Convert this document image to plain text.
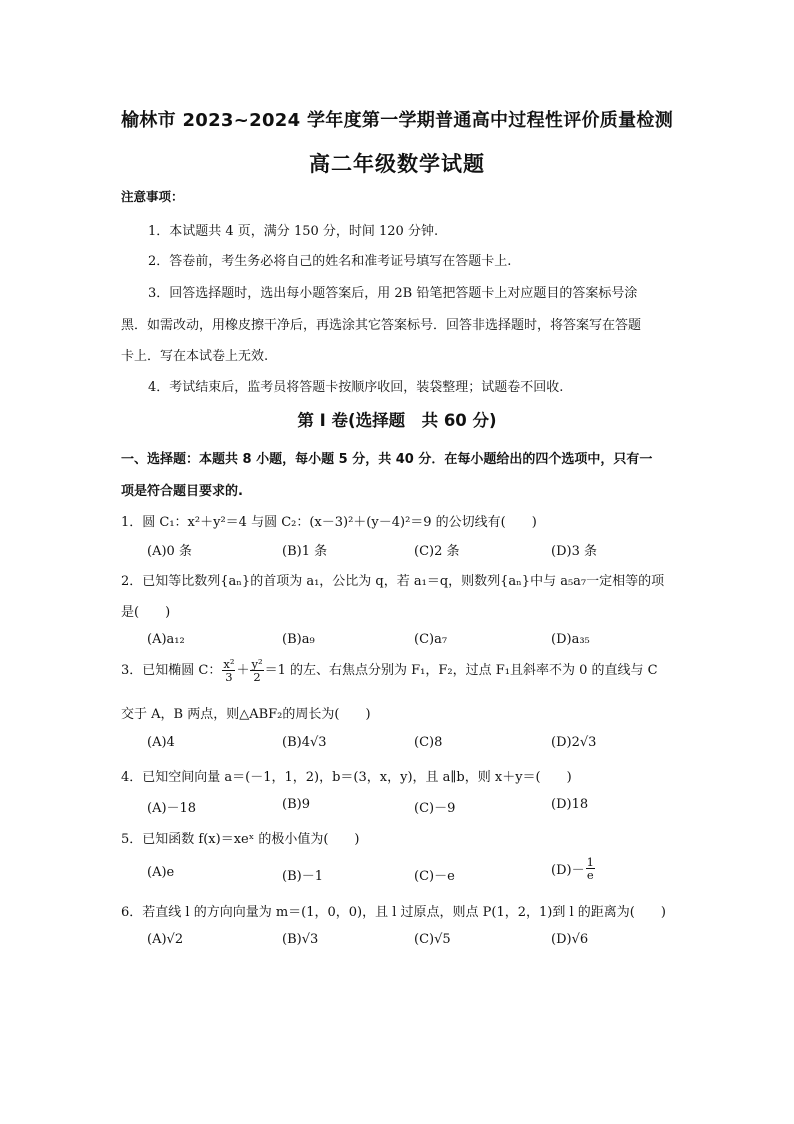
榆林市 2023~2024 学年度第一学期普通高中过程性评价质量检测
高二年级数学试题
注意事项：
1．本试题共 4 页，满分 150 分，时间 120 分钟.
2．答卷前，考生务必将自己的姓名和准考证号填写在答题卡上.
3．回答选择题时，选出每小题答案后，用 2B 铅笔把答题卡上对应题目的答案标号涂
黑．如需改动，用橡皮擦干净后，再选涂其它答案标号．回答非选择题时，将答案写在答题
卡上．写在本试卷上无效.
4．考试结束后，监考员将答题卡按顺序收回，装袋整理；试题卷不回收.
第 I 卷(选择题　共 60 分)
一、选择题：本题共 8 小题，每小题 5 分，共 40 分．在每小题给出的四个选项中，只有一
项是符合题目要求的.
1．圆 C₁：x²＋y²＝4 与圆 C₂：(x－3)²＋(y－4)²＝9 的公切线有(　　)
(A)0 条	(B)1 条	(C)2 条	(D)3 条
2．已知等比数列{aₙ}的首项为 a₁，公比为 q，若 a₁＝q，则数列{aₙ}中与 a₅a₇一定相等的项
是(　　)
(A)a₁₂	(B)a₉	(C)a₇	(D)a₃₅
3．已知椭圆 C： $\frac{\text{x²}}{3} + \frac{\text{y²}}{2} =1$ 的左、右焦点分别为 F₁，F₂，过点 F₁且斜率不为 0 的直线与 C
交于 A，B 两点，则△ABF₂的周长为(　　)
(A)4	(B)4√3	(C)8	(D)2√3
4．已知空间向量 a＝(－1，1，2)，b＝(3，x，y)，且 a∥b，则 x＋y＝(　　)
(A)－18	(B)9	(C)－9	(D)18
5．已知函数 f(x)＝xeˣ 的极小值为(　　)
(A)e	(B)－1	(C)－e	$(D)- \frac{1}{e}$
6．若直线 l 的方向向量为 m＝(1，0，0)，且 l 过原点，则点 P(1，2，1)到 l 的距离为(　　)
(A)√2	(B)√3	(C)√5	(D)√6
